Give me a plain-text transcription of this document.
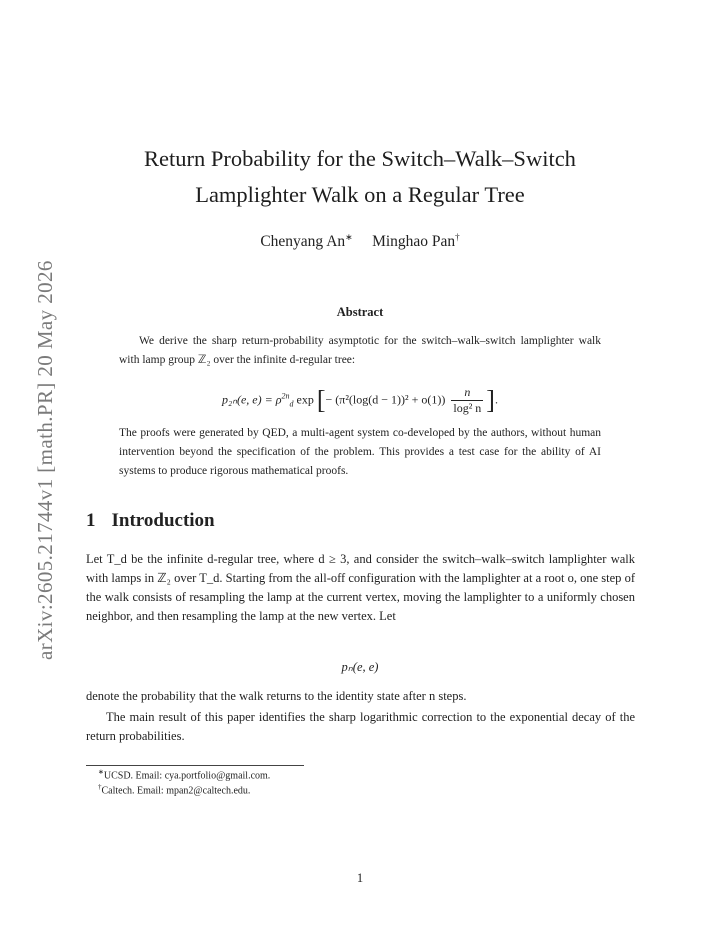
arXiv:2605.21744v1 [math.PR] 20 May 2026
Return Probability for the Switch–Walk–Switch
Lamplighter Walk on a Regular Tree
Chenyang An∗ Minghao Pan†
Abstract
We derive the sharp return-probability asymptotic for the switch–walk–switch lamplighter walk with lamp group ℤ₂ over the infinite d-regular tree:
p₂ₙ(e, $e) = \rho^{2n}_d$ exp [− $(\pi^2(\log(d - 1))^2 + o(1)) \frac{n}{\text{log² n}}$ ].
The proofs were generated by QED, a multi-agent system co-developed by the authors, without human intervention beyond the specification of the problem. This provides a test case for the ability of AI systems to produce rigorous mathematical proofs.
1 Introduction
Let T_d be the infinite d-regular tree, where d ≥ 3, and consider the switch–walk–switch lamplighter walk with lamps in ℤ₂ over T_d. Starting from the all-off configuration with the lamplighter at a root o, one step of the walk consists of resampling the lamp at the current vertex, moving the lamplighter to a uniformly chosen neighbor, and then resampling the lamp at the new vertex. Let
pₙ(e, e)
denote the probability that the walk returns to the identity state after n steps.
The main result of this paper identifies the sharp logarithmic correction to the exponential decay of the return probabilities.
∗UCSD. Email: cya.portfolio@gmail.com.
†Caltech. Email: mpan2@caltech.edu.
1
